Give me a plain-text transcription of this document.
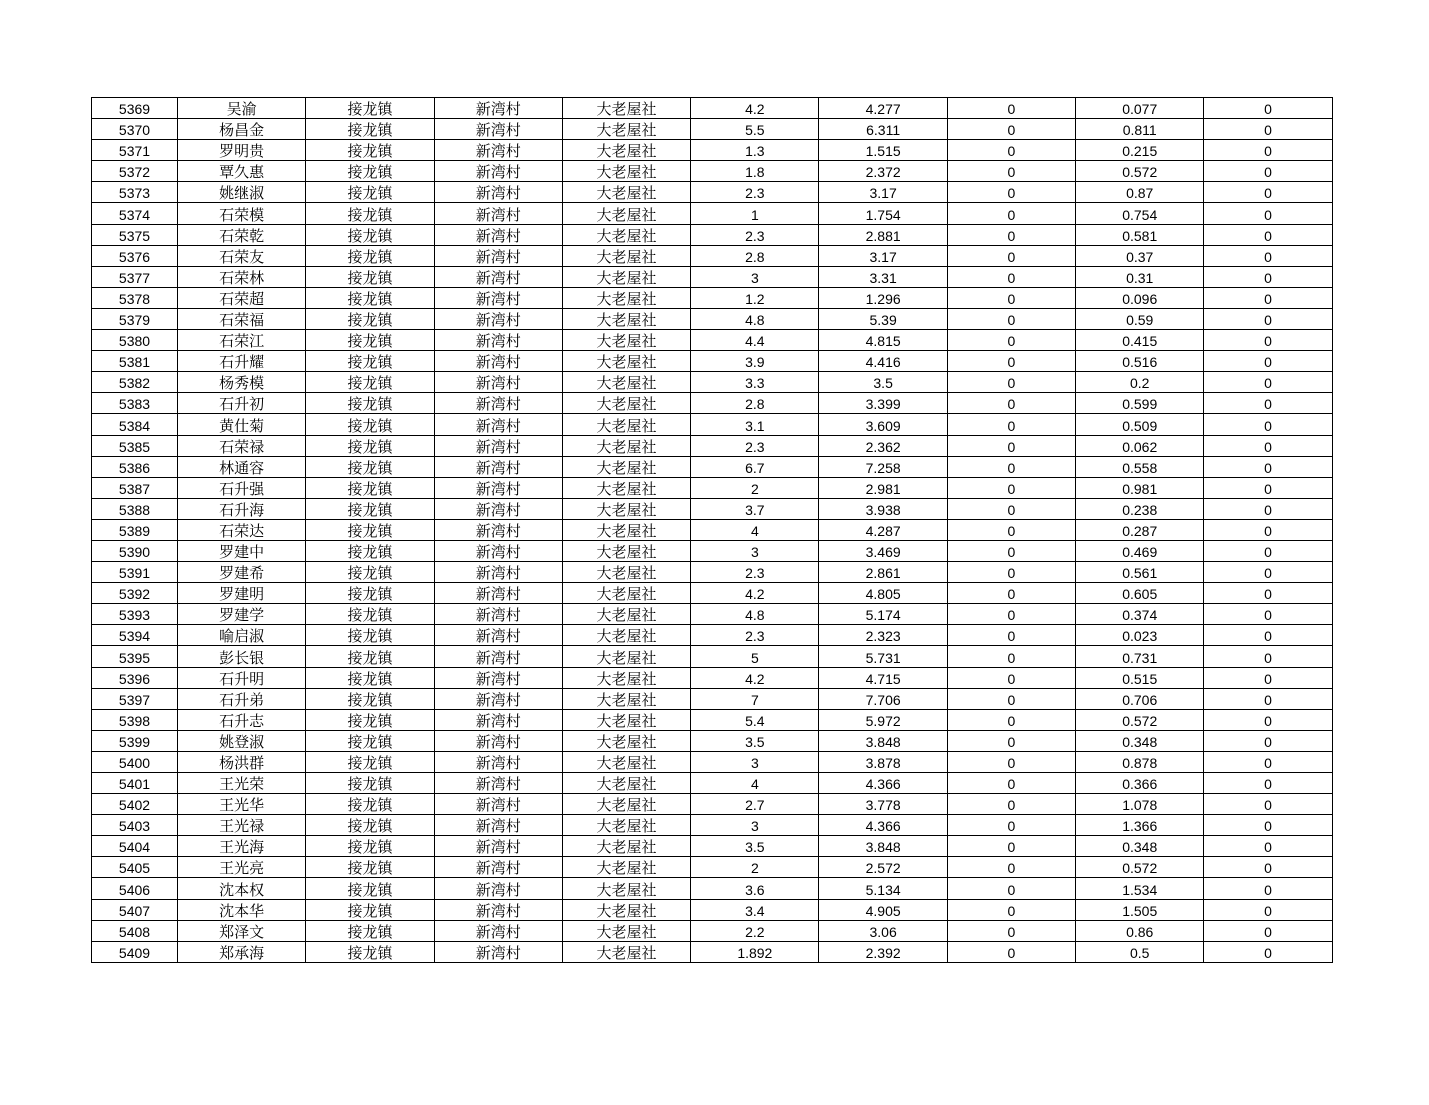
5369	吴渝	接龙镇	新湾村	大老屋社	4.2	4.277	0	0.077	0
5370	杨昌金	接龙镇	新湾村	大老屋社	5.5	6.311	0	0.811	0
5371	罗明贵	接龙镇	新湾村	大老屋社	1.3	1.515	0	0.215	0
5372	覃久惠	接龙镇	新湾村	大老屋社	1.8	2.372	0	0.572	0
5373	姚继淑	接龙镇	新湾村	大老屋社	2.3	3.17	0	0.87	0
5374	石荣模	接龙镇	新湾村	大老屋社	1	1.754	0	0.754	0
5375	石荣乾	接龙镇	新湾村	大老屋社	2.3	2.881	0	0.581	0
5376	石荣友	接龙镇	新湾村	大老屋社	2.8	3.17	0	0.37	0
5377	石荣林	接龙镇	新湾村	大老屋社	3	3.31	0	0.31	0
5378	石荣超	接龙镇	新湾村	大老屋社	1.2	1.296	0	0.096	0
5379	石荣福	接龙镇	新湾村	大老屋社	4.8	5.39	0	0.59	0
5380	石荣江	接龙镇	新湾村	大老屋社	4.4	4.815	0	0.415	0
5381	石升耀	接龙镇	新湾村	大老屋社	3.9	4.416	0	0.516	0
5382	杨秀模	接龙镇	新湾村	大老屋社	3.3	3.5	0	0.2	0
5383	石升初	接龙镇	新湾村	大老屋社	2.8	3.399	0	0.599	0
5384	黄仕菊	接龙镇	新湾村	大老屋社	3.1	3.609	0	0.509	0
5385	石荣禄	接龙镇	新湾村	大老屋社	2.3	2.362	0	0.062	0
5386	林通容	接龙镇	新湾村	大老屋社	6.7	7.258	0	0.558	0
5387	石升强	接龙镇	新湾村	大老屋社	2	2.981	0	0.981	0
5388	石升海	接龙镇	新湾村	大老屋社	3.7	3.938	0	0.238	0
5389	石荣达	接龙镇	新湾村	大老屋社	4	4.287	0	0.287	0
5390	罗建中	接龙镇	新湾村	大老屋社	3	3.469	0	0.469	0
5391	罗建希	接龙镇	新湾村	大老屋社	2.3	2.861	0	0.561	0
5392	罗建明	接龙镇	新湾村	大老屋社	4.2	4.805	0	0.605	0
5393	罗建学	接龙镇	新湾村	大老屋社	4.8	5.174	0	0.374	0
5394	喻启淑	接龙镇	新湾村	大老屋社	2.3	2.323	0	0.023	0
5395	彭长银	接龙镇	新湾村	大老屋社	5	5.731	0	0.731	0
5396	石升明	接龙镇	新湾村	大老屋社	4.2	4.715	0	0.515	0
5397	石升弟	接龙镇	新湾村	大老屋社	7	7.706	0	0.706	0
5398	石升志	接龙镇	新湾村	大老屋社	5.4	5.972	0	0.572	0
5399	姚登淑	接龙镇	新湾村	大老屋社	3.5	3.848	0	0.348	0
5400	杨洪群	接龙镇	新湾村	大老屋社	3	3.878	0	0.878	0
5401	王光荣	接龙镇	新湾村	大老屋社	4	4.366	0	0.366	0
5402	王光华	接龙镇	新湾村	大老屋社	2.7	3.778	0	1.078	0
5403	王光禄	接龙镇	新湾村	大老屋社	3	4.366	0	1.366	0
5404	王光海	接龙镇	新湾村	大老屋社	3.5	3.848	0	0.348	0
5405	王光亮	接龙镇	新湾村	大老屋社	2	2.572	0	0.572	0
5406	沈本权	接龙镇	新湾村	大老屋社	3.6	5.134	0	1.534	0
5407	沈本华	接龙镇	新湾村	大老屋社	3.4	4.905	0	1.505	0
5408	郑泽文	接龙镇	新湾村	大老屋社	2.2	3.06	0	0.86	0
5409	郑承海	接龙镇	新湾村	大老屋社	1.892	2.392	0	0.5	0
